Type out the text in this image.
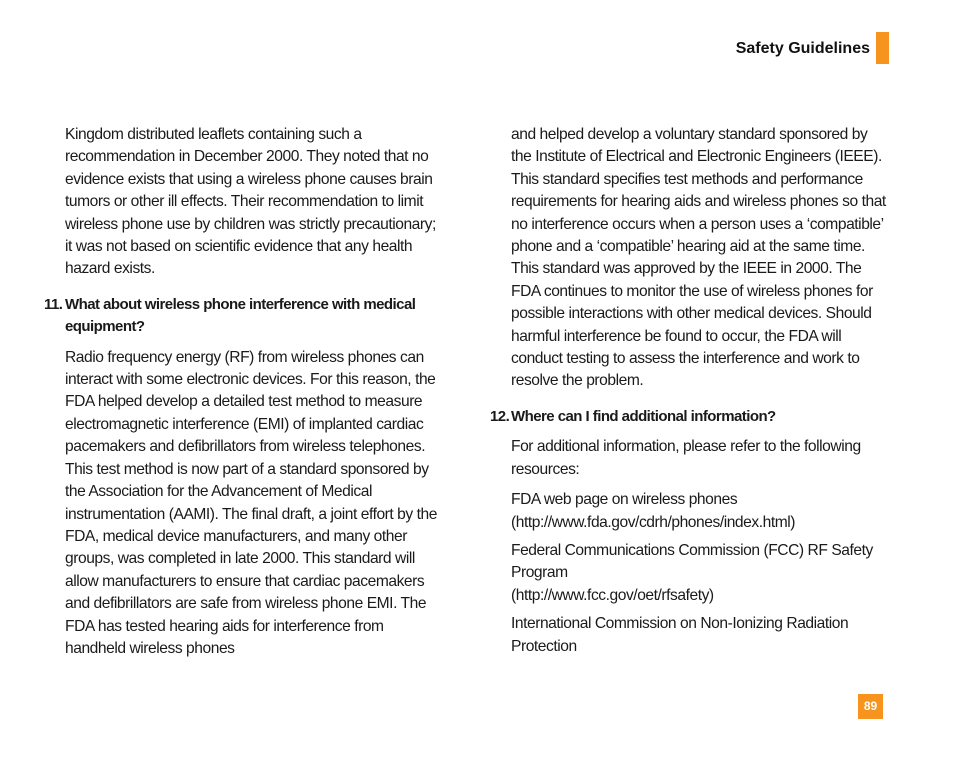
Safety Guidelines

Kingdom distributed leaflets containing such a recommendation in December 2000. They noted that no evidence exists that using a wireless phone causes brain tumors or other ill effects. Their recommendation to limit wireless phone use by children was strictly precautionary; it was not based on scientific evidence that any health hazard exists.

11. What about wireless phone interference with medical equipment?

Radio frequency energy (RF) from wireless phones can interact with some electronic devices. For this reason, the FDA helped develop a detailed test method to measure electromagnetic interference (EMI) of implanted cardiac pacemakers and defibrillators from wireless telephones. This test method is now part of a standard sponsored by the Association for the Advancement of Medical instrumentation (AAMI). The final draft, a joint effort by the FDA, medical device manufacturers, and many other groups, was completed in late 2000. This standard will allow manufacturers to ensure that cardiac pacemakers and defibrillators are safe from wireless phone EMI. The FDA has tested hearing aids for interference from handheld wireless phones

and helped develop a voluntary standard sponsored by the Institute of Electrical and Electronic Engineers (IEEE). This standard specifies test methods and performance requirements for hearing aids and wireless phones so that no interference occurs when a person uses a ‘compatible’ phone and a ‘compatible’ hearing aid at the same time. This standard was approved by the IEEE in 2000. The FDA continues to monitor the use of wireless phones for possible interactions with other medical devices. Should harmful interference be found to occur, the FDA will conduct testing to assess the interference and work to resolve the problem.

12. Where can I find additional information?

For additional information, please refer to the following resources:

FDA web page on wireless phones
(http://www.fda.gov/cdrh/phones/index.html)
Federal Communications Commission (FCC) RF Safety Program
(http://www.fcc.gov/oet/rfsafety)

International Commission on Non-Ionizing Radiation Protection

89
